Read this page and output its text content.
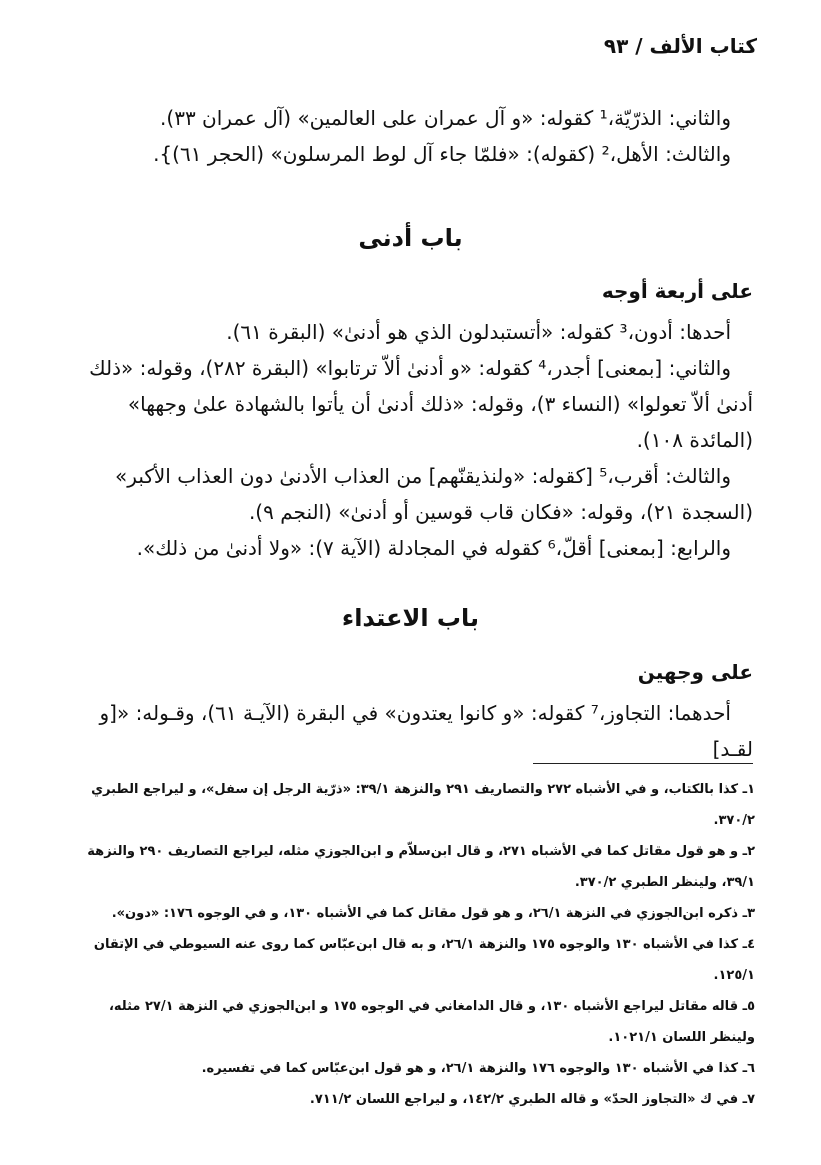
كتاب الألف / ٩٣

والثاني: الذرّيّة،¹ كقوله: «و آل عمران على العالمين» (آل عمران ٣٣).

والثالث: الأهل،² (كقوله): «فلمّا جاء آل لوط المرسلون» (الحجر ٦١)}.

باب أدنى
على أربعة أوجه

أحدها: أدون،³ كقوله: «أتستبدلون الذي هو أدنىٰ» (البقرة ٦١).

والثاني: [بمعنى] أجدر،⁴ كقوله: «و أدنىٰ ألاّ ترتابوا» (البقرة ٢٨٢)، وقوله: «ذلك أدنىٰ ألاّ تعولوا» (النساء ٣)، وقوله: «ذلك أدنىٰ أن يأتوا بالشهادة علىٰ وجهها» (المائدة ١٠٨).

والثالث: أقرب،⁵ [كقوله: «ولنذيقنّهم] من العذاب الأدنىٰ دون العذاب الأكبر» (السجدة ٢١)، وقوله: «فكان قاب قوسين أو أدنىٰ» (النجم ٩).

والرابع: [بمعنى] أقلّ،⁶ كقوله في المجادلة (الآية ٧): «ولا أدنىٰ من ذلك».

باب الاعتداء
على وجهين

أحدهما: التجاوز،⁷ كقوله: «و كانوا يعتدون» في البقرة (الآيـة ٦١)، وقـوله: «[و لقـد]

١ـ كذا بالكتاب، و في الأشباه ٢٧٢ والتصاريف ٢٩١ والنزهة ٣٩/١: «ذرّية الرجل إن سفل»، و ليراجع الطبري ٣٧٠/٢.

٢ـ و هو قول مقاتل كما في الأشباه ٢٧١، و قال ابن‌سلاّم و ابن‌الجوزي مثله، ليراجع التصاريف ٢٩٠ والنزهة ٣٩/١، ولينظر الطبري ٣٧٠/٢.

٣ـ ذكره ابن‌الجوزي في النزهة ٢٦/١، و هو قول مقاتل كما في الأشباه ١٣٠، و في الوجوه ١٧٦: «دون».

٤ـ كذا في الأشباه ١٣٠ والوجوه ١٧٥ والنزهة ٢٦/١، و به قال ابن‌عبّاس كما روى عنه السيوطي في الإتقان ١٢٥/١.

٥ـ قاله مقاتل ليراجع الأشباه ١٣٠، و قال الدامغاني في الوجوه ١٧٥ و ابن‌الجوزي في النزهة ٢٧/١ مثله، ولينظر اللسان ١٠٢١/١.

٦ـ كذا في الأشباه ١٣٠ والوجوه ١٧٦ والنزهة ٢٦/١، و هو قول ابن‌عبّاس كما في تفسيره.

٧ـ في ك «التجاوز الحدّ» و قاله الطبري ١٤٢/٢، و ليراجع اللسان ٧١١/٢.
